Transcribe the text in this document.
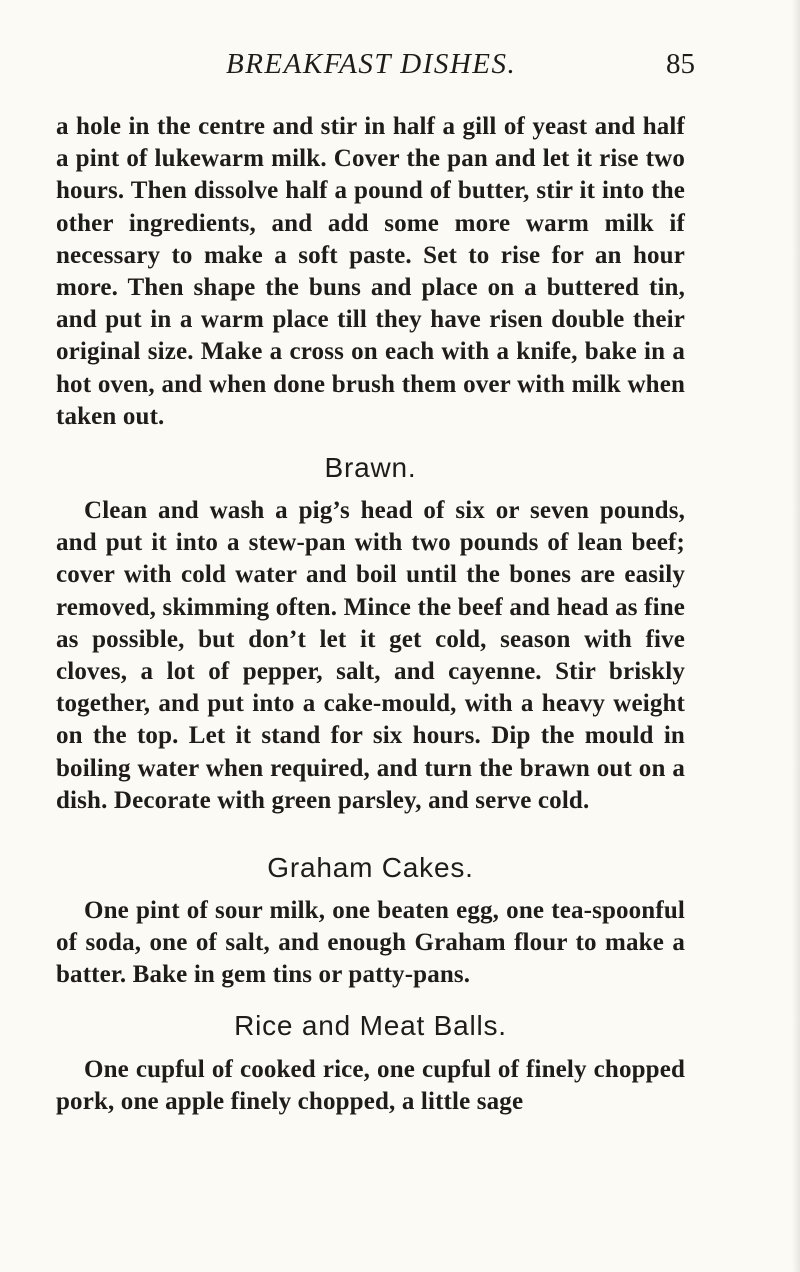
BREAKFAST DISHES.	85

a hole in the centre and stir in half a gill of yeast and half a pint of lukewarm milk. Cover the pan and let it rise two hours. Then dissolve half a pound of butter, stir it into the other ingredients, and add some more warm milk if necessary to make a soft paste. Set to rise for an hour more. Then shape the buns and place on a buttered tin, and put in a warm place till they have risen double their original size. Make a cross on each with a knife, bake in a hot oven, and when done brush them over with milk when taken out.

Brawn.

Clean and wash a pig’s head of six or seven pounds, and put it into a stew-pan with two pounds of lean beef; cover with cold water and boil until the bones are easily removed, skimming often. Mince the beef and head as fine as possible, but don’t let it get cold, season with five cloves, a lot of pepper, salt, and cayenne. Stir briskly together, and put into a cake-mould, with a heavy weight on the top. Let it stand for six hours. Dip the mould in boiling water when required, and turn the brawn out on a dish. Decorate with green parsley, and serve cold.

Graham Cakes.

One pint of sour milk, one beaten egg, one tea-spoonful of soda, one of salt, and enough Graham flour to make a batter. Bake in gem tins or patty-pans.

Rice and Meat Balls.

One cupful of cooked rice, one cupful of finely chopped pork, one apple finely chopped, a little sage
